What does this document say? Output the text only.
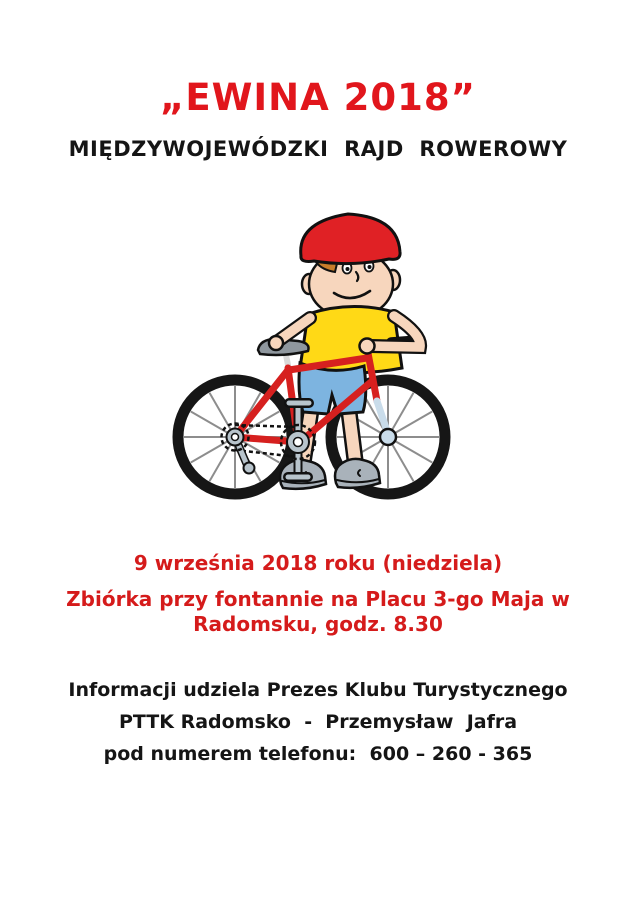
„EWINA 2018”
MIĘDZYWOJEWÓDZKI  RAJD  ROWEROWY
9 września 2018 roku (niedziela)
Zbiórka przy fontannie na Placu 3-go Maja w
Radomsku, godz. 8.30
Informacji udziela Prezes Klubu Turystycznego
PTTK Radomsko  -  Przemysław  Jafra
pod numerem telefonu:  600 – 260 - 365
